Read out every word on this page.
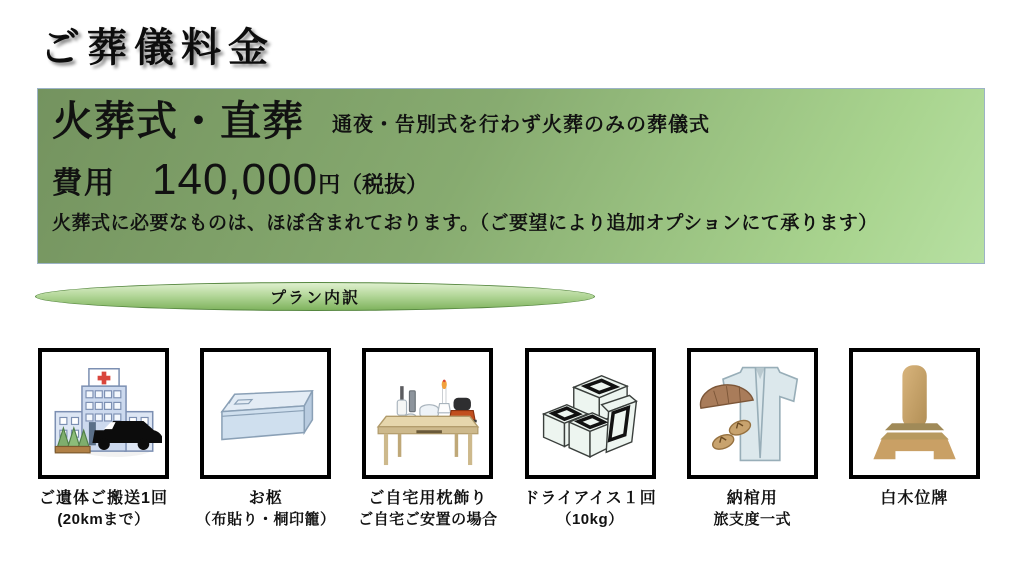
ご葬儀料金
火葬式・直葬 通夜・告別式を行わず火葬のみの葬儀式
費用 140,000 円（税抜）
火葬式に必要なものは、ほぼ含まれております。（ご要望により追加オプションにて承ります）
プラン内訳
ご遺体ご搬送1回
(20kmまで）
お柩
（布貼り・桐印籠）
ご自宅用枕飾り
ご自宅ご安置の場合
ドライアイス１回
（10kg）
納棺用
旅支度一式
白木位牌
